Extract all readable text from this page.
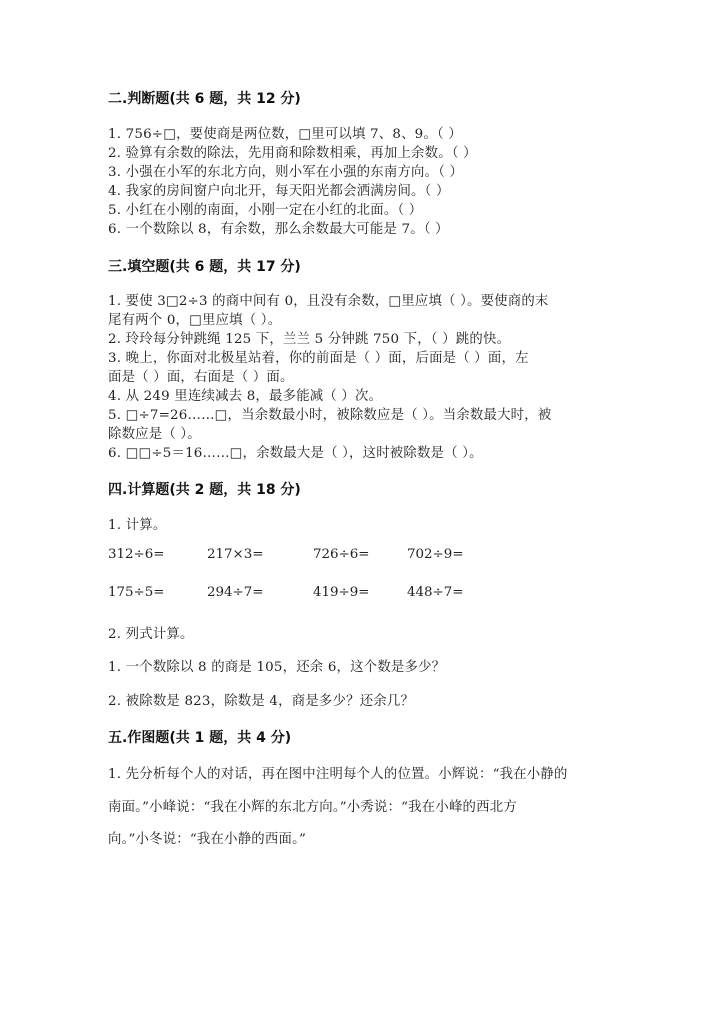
二.判断题(共 6 题，共 12 分)
1. 756÷□，要使商是两位数，□里可以填 7、8、9。（ ）
2. 验算有余数的除法，先用商和除数相乘，再加上余数。（ ）
3. 小强在小军的东北方向，则小军在小强的东南方向。（ ）
4. 我家的房间窗户向北开，每天阳光都会洒满房间。（ ）
5. 小红在小刚的南面，小刚一定在小红的北面。（ ）
6. 一个数除以 8，有余数，那么余数最大可能是 7。（ ）
三.填空题(共 6 题，共 17 分)
1. 要使 3□2÷3 的商中间有 0，且没有余数，□里应填（ ）。要使商的末
尾有两个 0，□里应填（ ）。
2. 玲玲每分钟跳绳 125 下，兰兰 5 分钟跳 750 下，（ ）跳的快。
3. 晚上，你面对北极星站着，你的前面是（ ）面，后面是（ ）面，左
面是（ ）面，右面是（ ）面。
4. 从 249 里连续减去 8，最多能减（ ）次。
5. □÷7=26……□，当余数最小时，被除数应是（ ）。当余数最大时，被
除数应是（ ）。
6. □□÷5＝16……□，余数最大是（ ），这时被除数是（ ）。
四.计算题(共 2 题，共 18 分)
1. 计算。
312÷6=	217×3=	726÷6=	702÷9=
175÷5=	294÷7=	419÷9=	448÷7=
2. 列式计算。
1. 一个数除以 8 的商是 105，还余 6，这个数是多少？
2. 被除数是 823，除数是 4，商是多少？还余几？
五.作图题(共 1 题，共 4 分)
1. 先分析每个人的对话，再在图中注明每个人的位置。小辉说：“我在小静的
南面。”小峰说：“我在小辉的东北方向。”小秀说：“我在小峰的西北方
向。”小冬说：“我在小静的西面。”
